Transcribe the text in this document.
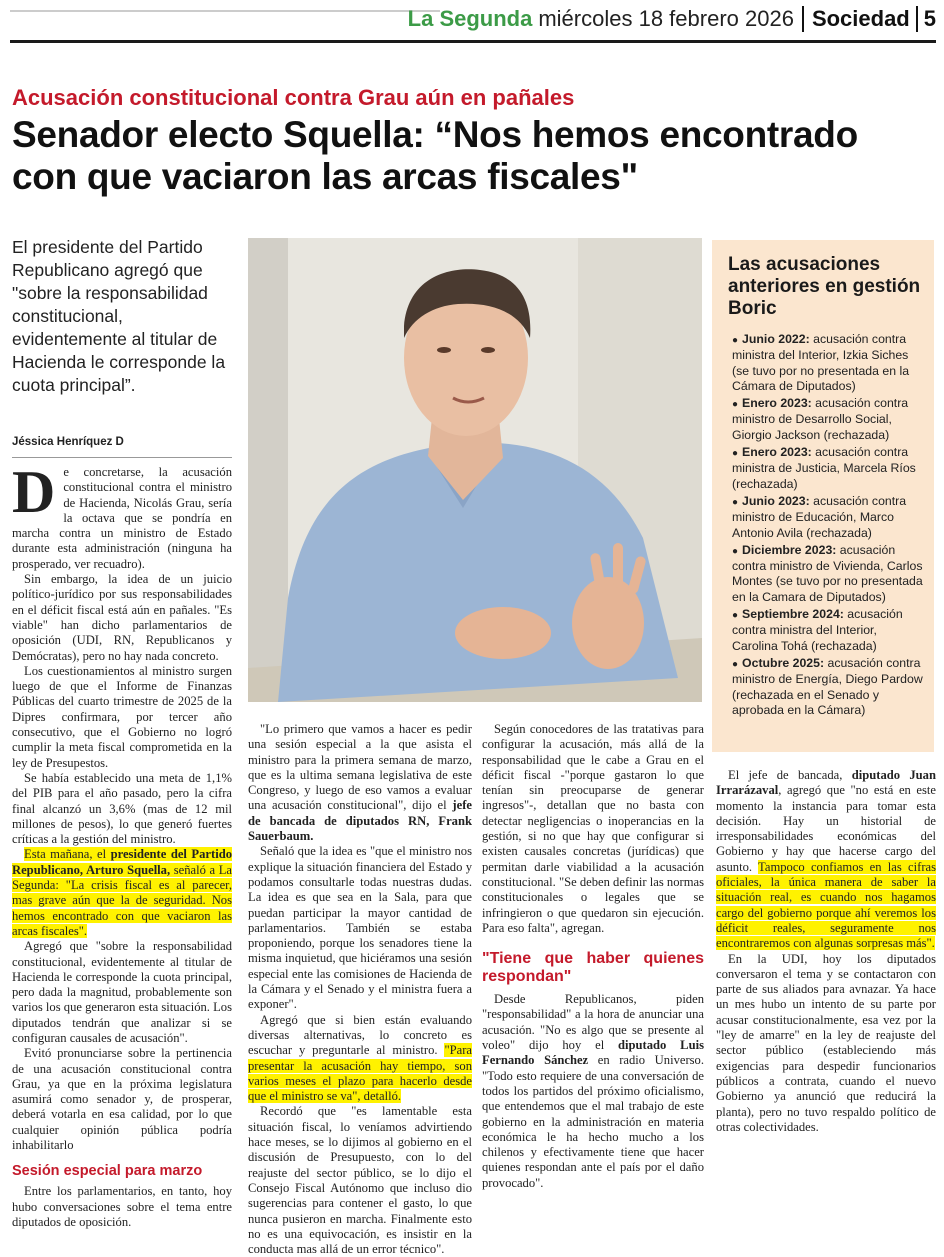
La Segunda miércoles 18 febrero 2026 Sociedad 5
Acusación constitucional contra Grau aún en pañales
Senador electo Squella: “Nos hemos encontrado con que vaciaron las arcas fiscales"
El presidente del Partido Republicano agregó que "sobre la responsabilidad constitucional, evidentemente al titular de Hacienda le corresponde la cuota principal”.
Jéssica Henríquez D
Las acusaciones anteriores en gestión Boric
● Junio 2022: acusación contra ministra del Interior, Izkia Siches (se tuvo por no presentada en la Cámara de Diputados)
● Enero 2023: acusación contra ministro de Desarrollo Social, Giorgio Jackson (rechazada)
● Enero 2023: acusación contra ministra de Justicia, Marcela Ríos (rechazada)
● Junio 2023: acusación contra ministro de Educación, Marco Antonio Avila (rechazada)
● Diciembre 2023: acusación contra ministro de Vivienda, Carlos Montes (se tuvo por no presentada en la Camara de Diputados)
● Septiembre 2024: acusación contra ministra del Interior, Carolina Tohá (rechazada)
● Octubre 2025: acusación contra ministro de Energía, Diego Pardow (rechazada en el Senado y aprobada en la Cámara)
D e concretarse, la acusación constitucional contra el ministro de Hacienda, Nicolás Grau, sería la octava que se pondría en marcha contra un ministro de Estado durante esta administración (ninguna ha prosperado, ver recuadro).

Sin embargo, la idea de un juicio político-jurídico por sus responsabilidades en el déficit fiscal está aún en pañales. "Es viable" han dicho parlamentarios de oposición (UDI, RN, Republicanos y Demócratas), pero no hay nada concreto.

Los cuestionamientos al ministro surgen luego de que el Informe de Finanzas Públicas del cuarto trimestre de 2025 de la Dipres confirmara, por tercer año consecutivo, que el Gobierno no logró cumplir la meta fiscal comprometida en la ley de Presupestos.

Se había establecido una meta de 1,1% del PIB para el año pasado, pero la cifra final alcanzó un 3,6% (mas de 12 mil millones de pesos), lo que generó fuertes críticas a la gestión del ministro.

Esta mañana, el presidente del Partido Republicano, Arturo Squella, señaló a La Segunda: "La crisis fiscal es al parecer, mas grave aún que la de seguridad. Nos hemos encontrado con que vaciaron las arcas fiscales".

Agregó que "sobre la responsabilidad constitucional, evidentemente al titular de Hacienda le corresponde la cuota principal, pero dada la magnitud, probablemente son varios los que generaron esta situación. Los diputados tendrán que analizar si se configuran causales de acusación".

Evitó pronunciarse sobre la pertinencia de una acusación constitucional contra Grau, ya que en la próxima legislatura asumirá como senador y, de prosperar, deberá votarla en esa calidad, por lo que cualquier opinión pública podría inhabilitarlo

Sesión especial para marzo

Entre los parlamentarios, en tanto, hoy hubo conversaciones sobre el tema entre diputados de oposición.

"Lo primero que vamos a hacer es pedir una sesión especial a la que asista el ministro para la primera semana de marzo, que es la ultima semana legislativa de este Congreso, y luego de eso vamos a evaluar una acusación constitucional", dijo el jefe de bancada de diputados RN, Frank Sauerbaum.

Señaló que la idea es "que el ministro nos explique la situación financiera del Estado y podamos consultarle todas nuestras dudas. La idea es que sea en la Sala, para que puedan participar la mayor cantidad de parlamentarios. También se estaba proponiendo, porque los senadores tiene la misma inquietud, que hiciéramos una sesión especial ente las comisiones de Hacienda de la Cámara y el Senado y el ministra fuera a exponer".

Agregó que si bien están evaluando diversas alternativas, lo concreto es escuchar y preguntarle al ministro. "Para presentar la acusación hay tiempo, son varios meses el plazo para hacerlo desde que el ministro se va", detalló.

Recordó que "es lamentable esta situación fiscal, lo veníamos advirtiendo hace meses, se lo dijimos al gobierno en el discusión de Presupuesto, con lo del reajuste del sector público, se lo dijo el Consejo Fiscal Autónomo que incluso dio sugerencias para contener el gasto, lo que nunca pusieron en marcha. Finalmente esto no es una equivocación, es insistir en la conducta mas allá de un error técnico".

Según conocedores de las tratativas para configurar la acusación, más allá de la responsabilidad que le cabe a Grau en el déficit fiscal -"porque gastaron lo que tenían sin preocuparse de generar ingresos"-, detallan que no basta con detectar negligencias o inoperancias en la gestión, si no que hay que configurar si existen causales concretas (jurídicas) que permitan darle viabilidad a la acusación constitucional. "Se deben definir las normas constitucionales o legales que se infringieron o que quedaron sin ejecución. Para eso falta", agregan.

"Tiene que haber quienes respondan"

Desde Republicanos, piden "responsabilidad" a la hora de anunciar una acusación. "No es algo que se presente al voleo" dijo hoy el diputado Luis Fernando Sánchez en radio Universo. "Todo esto requiere de una conversación de todos los partidos del próximo oficialismo, que entendemos que el mal trabajo de este gobierno en la administración en materia económica le ha hecho mucho a los chilenos y efectivamente tiene que hacer quienes respondan ante el país por el daño provocado".

El jefe de bancada, diputado Juan Irrarázaval, agregó que "no está en este momento la instancia para tomar esta decisión. Hay un historial de irresponsabilidades económicas del Gobierno y hay que hacerse cargo del asunto. Tampoco confiamos en las cifras oficiales, la única manera de saber la situación real, es cuando nos hagamos cargo del gobierno porque ahí veremos los déficit reales, seguramente nos encontraremos con algunas sorpresas más".

En la UDI, hoy los diputados conversaron el tema y se contactaron con parte de sus aliados para avnazar. Ya hace un mes hubo un intento de su parte por acusar constitucionalmente, esa vez por la "ley de amarre" en la ley de reajuste del sector público (estableciendo más exigencias para despedir funcionarios públicos a contrata, cuando el nuevo Gobierno ya anunció que reducirá la planta), pero no tuvo respaldo político de otras colectividades.
